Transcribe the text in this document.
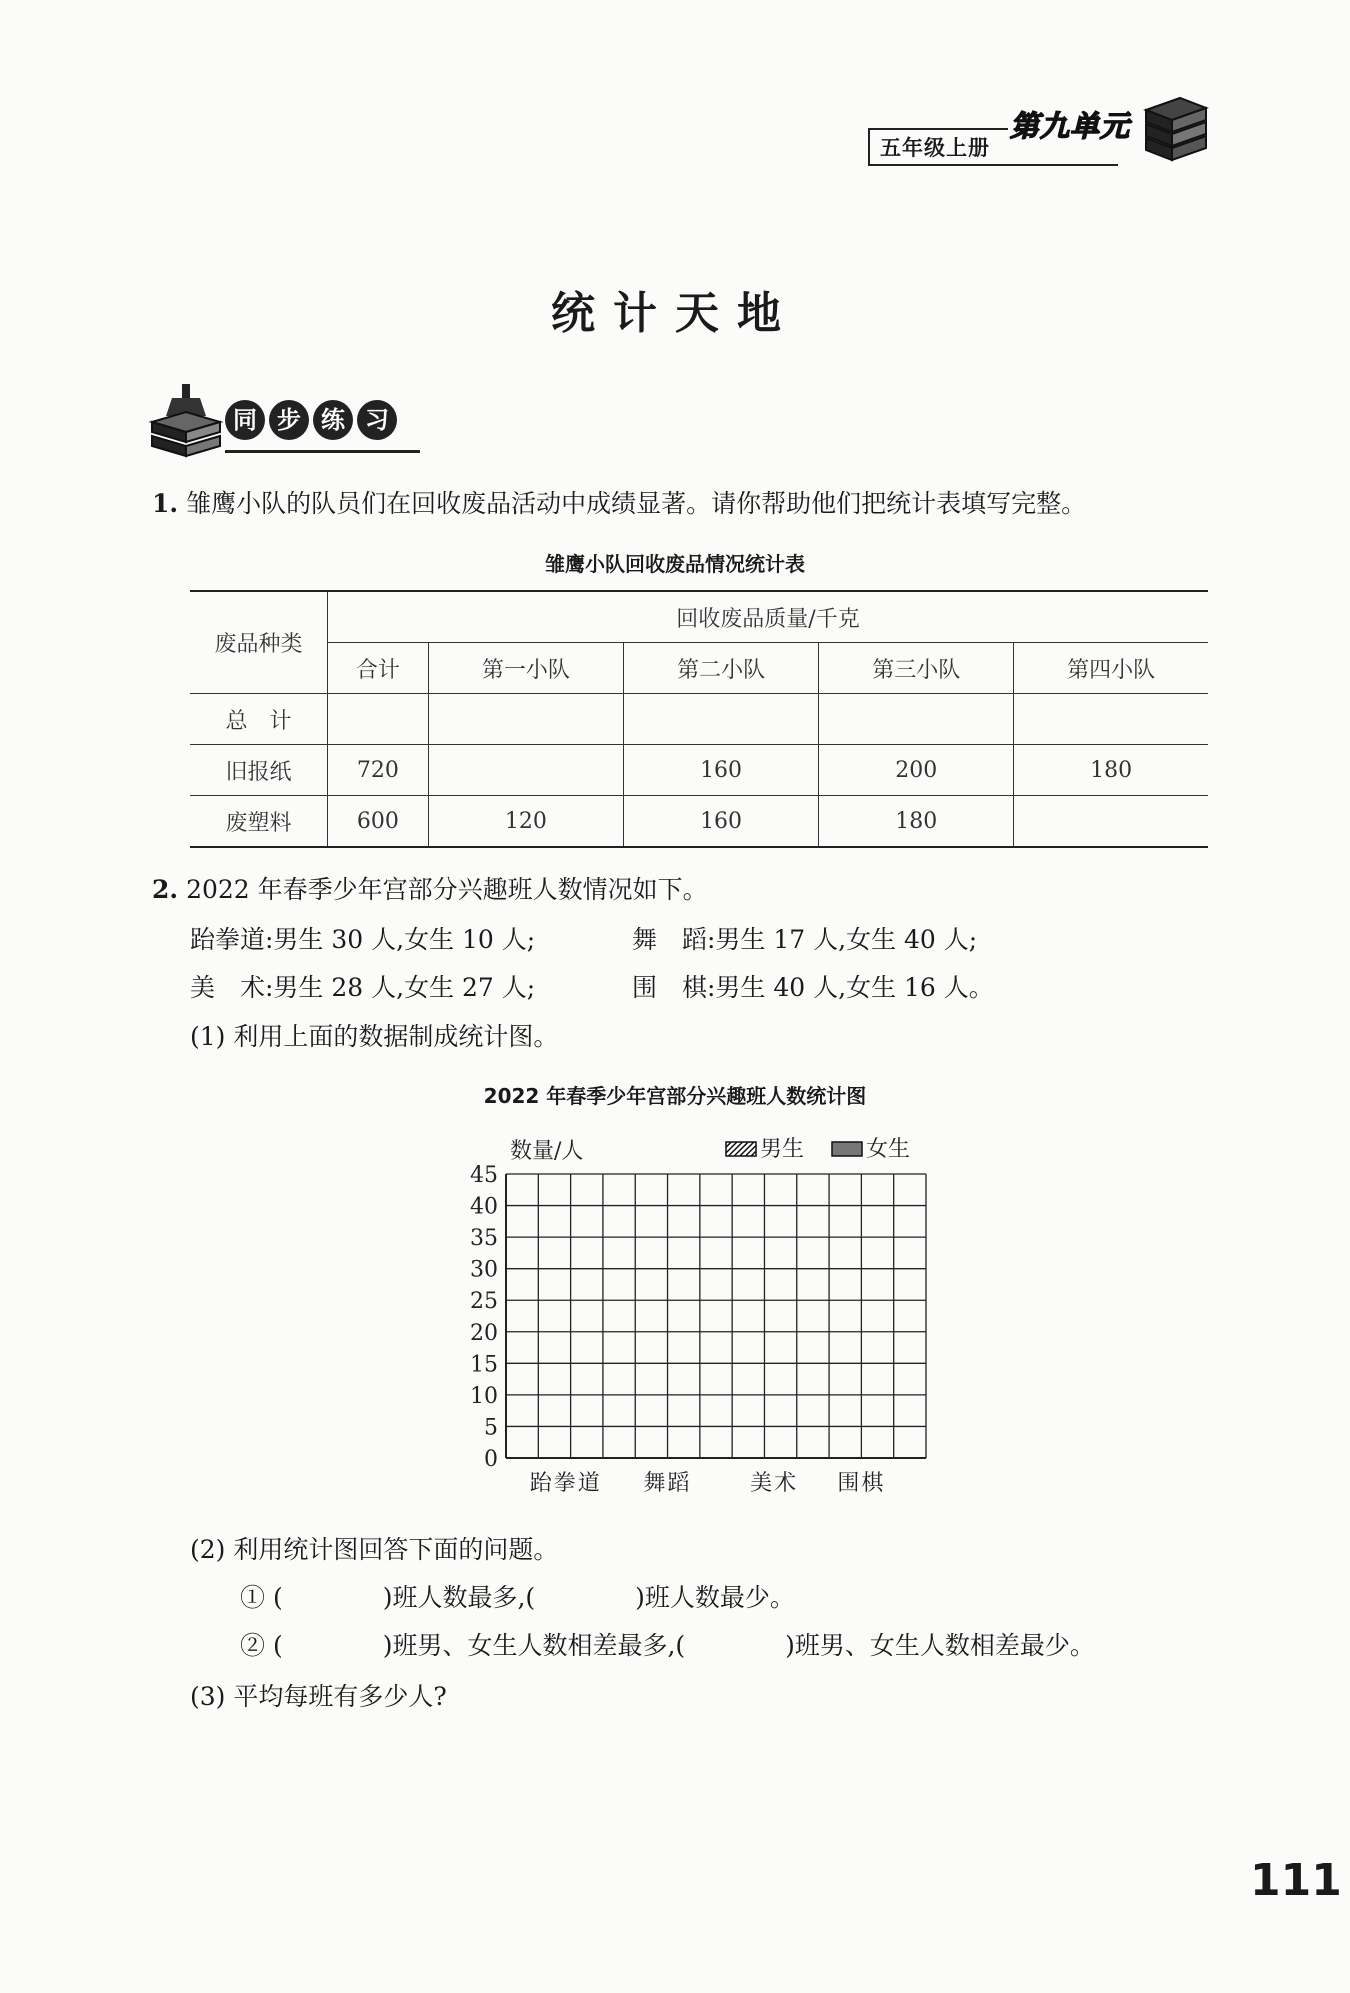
五年级上册
第九单元
统计天地
同 步 练 习
1. 雏鹰小队的队员们在回收废品活动中成绩显著。请你帮助他们把统计表填写完整。
雏鹰小队回收废品情况统计表
废品种类	回收废品质量/千克				
	合计	第一小队	第二小队	第三小队	第四小队
总　计					
旧报纸	720		160	200	180
废塑料	600	120	160	180	
2. 2022 年春季少年宫部分兴趣班人数情况如下。
跆拳道:男生 30 人,女生 10 人;	舞　蹈:男生 17 人,女生 40 人;
美　术:男生 28 人,女生 27 人;	围　棋:男生 40 人,女生 16 人。
(1) 利用上面的数据制成统计图。
2022 年春季少年宫部分兴趣班人数统计图
0
5
10
15
20
25
30
35
40
45
数量/人	男生	女生
跆拳道 舞蹈	美术 围棋
(2) 利用统计图回答下面的问题。
① (　　　　)班人数最多,(　　　　)班人数最少。
② (　　　　)班男、女生人数相差最多,(　　　　)班男、女生人数相差最少。
(3) 平均每班有多少人?
111
